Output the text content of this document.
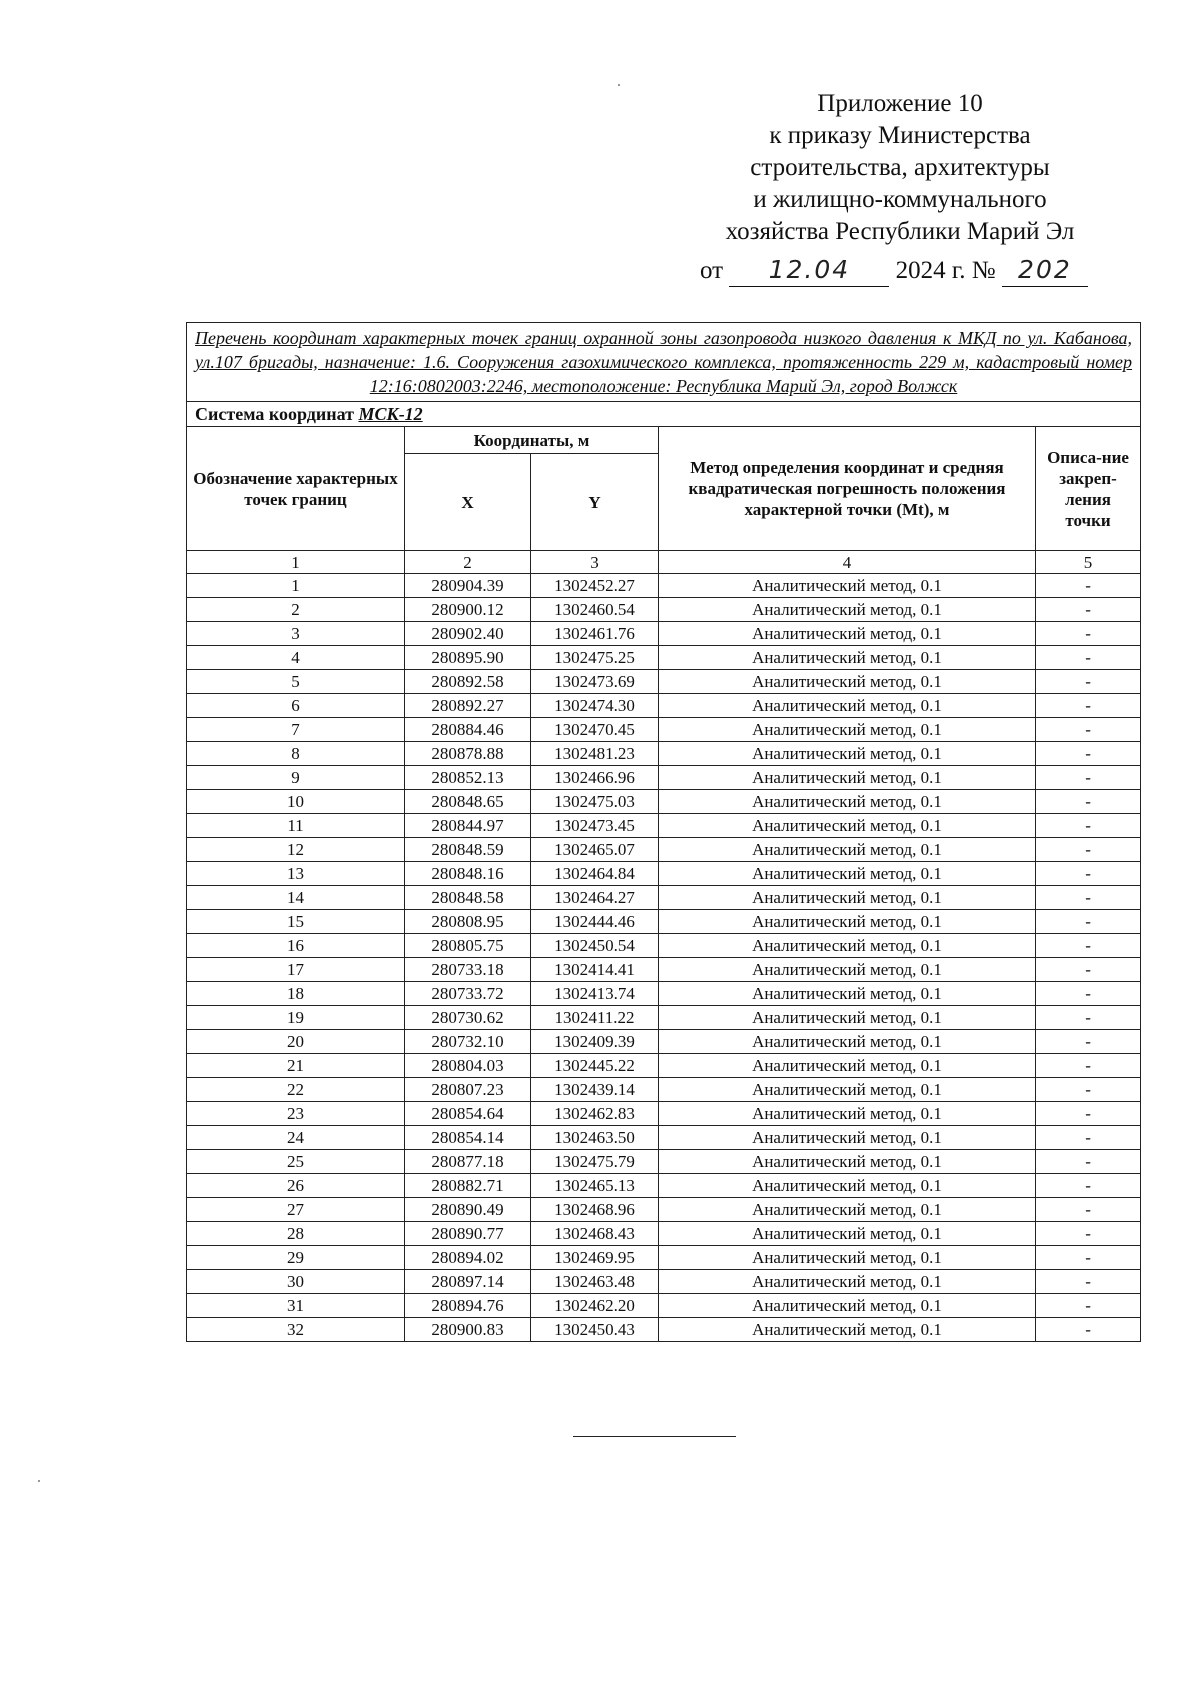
Приложение 10
к приказу Министерства
строительства, архитектуры
и жилищно-коммунального
хозяйства Республики Марий Эл
от 12.04 2024 г. № 202
Перечень координат характерных точек границ охранной зоны газопровода низкого давления к МКД по ул. Кабанова, ул.107 бригады, назначение: 1.6. Сооружения газохимического комплекса, протяженность 229 м, кадастровый номер 12:16:0802003:2246, местоположение: Республика Марий Эл, город Волжск				
Система координат МСК-12				
Обозначение характерных точек границ	Координаты, м		Метод определения координат и средняя квадратическая погрешность положения характерной точки (Mt), м	Описа-ние закреп-ления точки
	X	Y		
1	2	3	4	5
1	280904.39	1302452.27	Аналитический метод, 0.1	-
2	280900.12	1302460.54	Аналитический метод, 0.1	-
3	280902.40	1302461.76	Аналитический метод, 0.1	-
4	280895.90	1302475.25	Аналитический метод, 0.1	-
5	280892.58	1302473.69	Аналитический метод, 0.1	-
6	280892.27	1302474.30	Аналитический метод, 0.1	-
7	280884.46	1302470.45	Аналитический метод, 0.1	-
8	280878.88	1302481.23	Аналитический метод, 0.1	-
9	280852.13	1302466.96	Аналитический метод, 0.1	-
10	280848.65	1302475.03	Аналитический метод, 0.1	-
11	280844.97	1302473.45	Аналитический метод, 0.1	-
12	280848.59	1302465.07	Аналитический метод, 0.1	-
13	280848.16	1302464.84	Аналитический метод, 0.1	-
14	280848.58	1302464.27	Аналитический метод, 0.1	-
15	280808.95	1302444.46	Аналитический метод, 0.1	-
16	280805.75	1302450.54	Аналитический метод, 0.1	-
17	280733.18	1302414.41	Аналитический метод, 0.1	-
18	280733.72	1302413.74	Аналитический метод, 0.1	-
19	280730.62	1302411.22	Аналитический метод, 0.1	-
20	280732.10	1302409.39	Аналитический метод, 0.1	-
21	280804.03	1302445.22	Аналитический метод, 0.1	-
22	280807.23	1302439.14	Аналитический метод, 0.1	-
23	280854.64	1302462.83	Аналитический метод, 0.1	-
24	280854.14	1302463.50	Аналитический метод, 0.1	-
25	280877.18	1302475.79	Аналитический метод, 0.1	-
26	280882.71	1302465.13	Аналитический метод, 0.1	-
27	280890.49	1302468.96	Аналитический метод, 0.1	-
28	280890.77	1302468.43	Аналитический метод, 0.1	-
29	280894.02	1302469.95	Аналитический метод, 0.1	-
30	280897.14	1302463.48	Аналитический метод, 0.1	-
31	280894.76	1302462.20	Аналитический метод, 0.1	-
32	280900.83	1302450.43	Аналитический метод, 0.1	-
